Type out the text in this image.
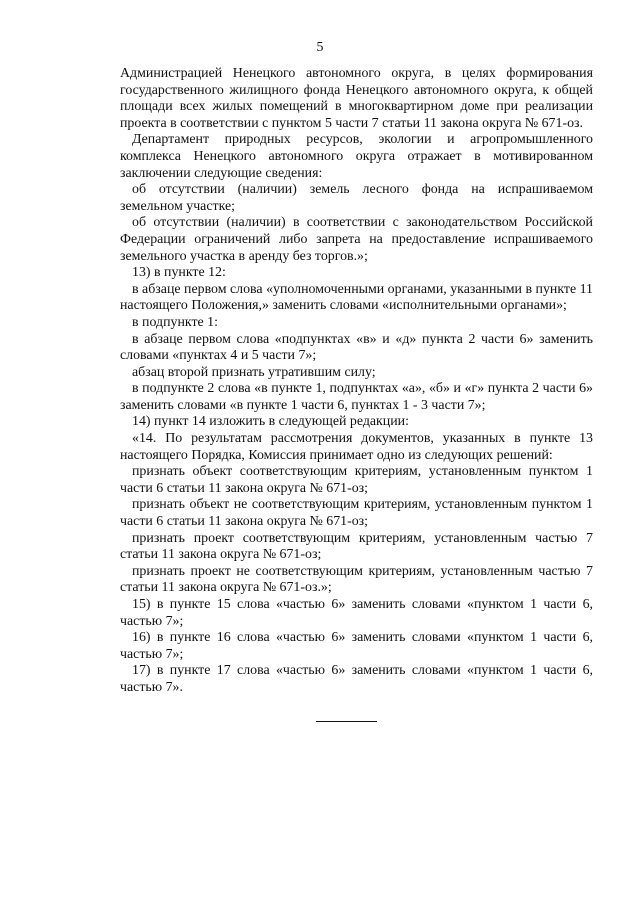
5

Администрацией Ненецкого автономного округа, в целях формирования государственного жилищного фонда Ненецкого автономного округа, к общей площади всех жилых помещений в многоквартирном доме при реализации проекта в соответствии с пунктом 5 части 7 статьи 11 закона округа № 671-оз.

Департамент природных ресурсов, экологии и агропромышленного комплекса Ненецкого автономного округа отражает в мотивированном заключении следующие сведения:

об отсутствии (наличии) земель лесного фонда на испрашиваемом земельном участке;

об отсутствии (наличии) в соответствии с законодательством Российской Федерации ограничений либо запрета на предоставление испрашиваемого земельного участка в аренду без торгов.»;

13) в пункте 12:

в абзаце первом слова «уполномоченными органами, указанными в пункте 11 настоящего Положения,» заменить словами «исполнительными органами»;

в подпункте 1:

в абзаце первом слова «подпунктах «в» и «д» пункта 2 части 6» заменить словами «пунктах 4 и 5 части 7»;

абзац второй признать утратившим силу;

в подпункте 2 слова «в пункте 1, подпунктах «а», «б» и «г» пункта 2 части 6» заменить словами «в пункте 1 части 6, пунктах 1 - 3 части 7»;

14) пункт 14 изложить в следующей редакции:

«14. По результатам рассмотрения документов, указанных в пункте 13 настоящего Порядка, Комиссия принимает одно из следующих решений:

признать объект соответствующим критериям, установленным пунктом 1 части 6 статьи 11 закона округа № 671-оз;

признать объект не соответствующим критериям, установленным пунктом 1 части 6 статьи 11 закона округа № 671-оз;

признать проект соответствующим критериям, установленным частью 7 статьи 11 закона округа № 671-оз;

признать проект не соответствующим критериям, установленным частью 7 статьи 11 закона округа № 671-оз.»;

15) в пункте 15 слова «частью 6» заменить словами «пунктом 1 части 6, частью 7»;

16) в пункте 16 слова «частью 6» заменить словами «пунктом 1 части 6, частью 7»;

17) в пункте 17 слова «частью 6» заменить словами «пунктом 1 части 6, частью 7».
